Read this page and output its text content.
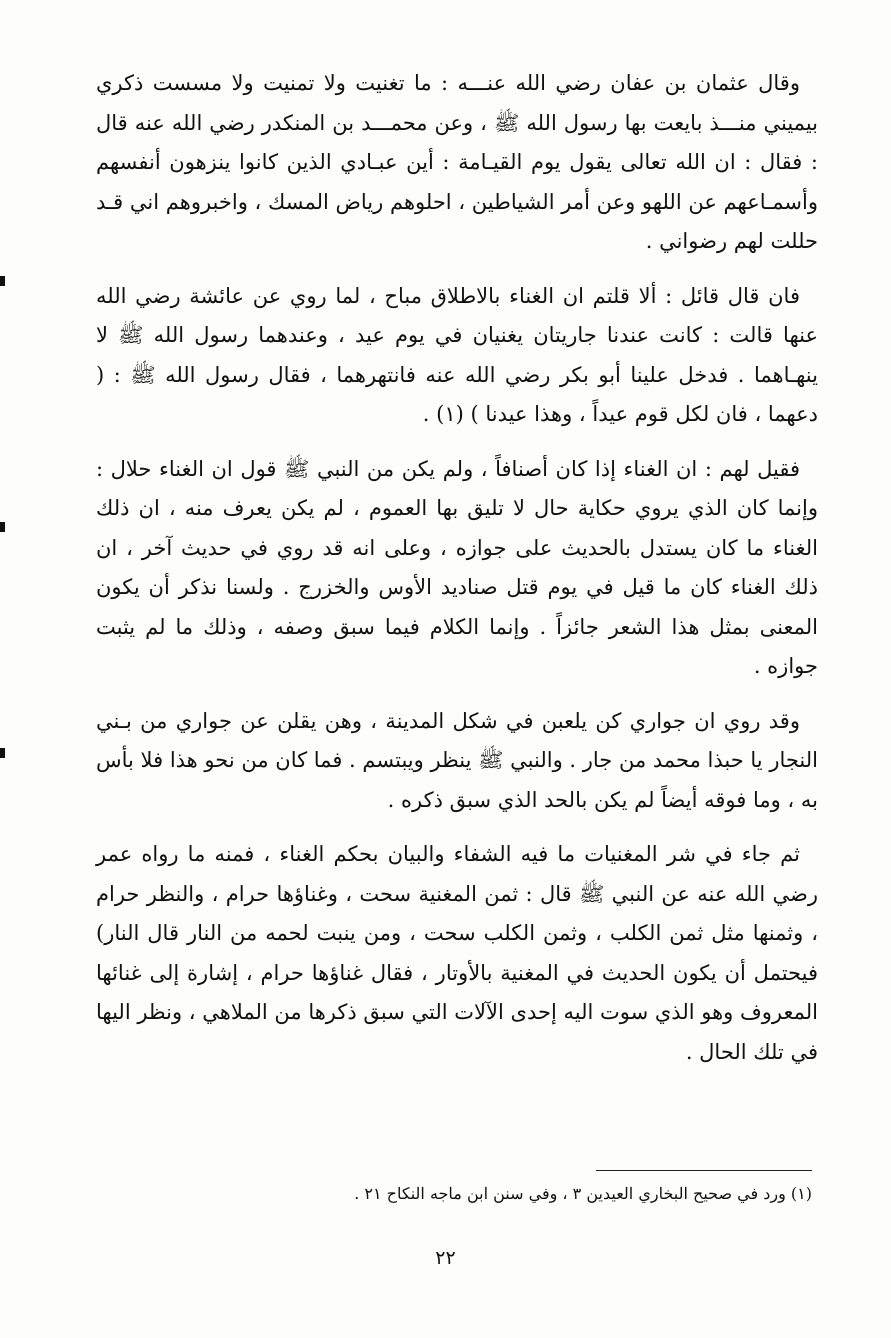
وقال عثمان بن عفان رضي الله عنـــه : ما تغنيت ولا تمنيت ولا مسست ذكري بيميني منـــذ بايعت بها رسول الله ﷺ ، وعن محمـــد بن المنكدر رضي الله عنه قال : فقال : ان الله تعالى يقول يوم القيـامة : أين عبـادي الذين كانوا ينزهون أنفسهم وأسمـاعهم عن اللهو وعن أمر الشياطين ، احلوهم رياض المسك ، واخبروهم اني قـد حللت لهم رضواني .

فان قال قائل : ألا قلتم ان الغناء بالاطلاق مباح ، لما روي عن عائشة رضي الله عنها قالت : كانت عندنا جاريتان يغنيان في يوم عيد ، وعندهما رسول الله ﷺ لا ينهـاهما . فدخل علينا أبو بكر رضي الله عنه فانتهرهما ، فقال رسول الله ﷺ : ( دعهما ، فان لكل قوم عيداً ، وهذا عيدنا ) (١) .

فقيل لهم : ان الغناء إذا كان أصنافاً ، ولم يكن من النبي ﷺ قول ان الغناء حلال : وإنما كان الذي يروي حكاية حال لا تليق بها العموم ، لم يكن يعرف منه ، ان ذلك الغناء ما كان يستدل بالحديث على جوازه ، وعلى انه قد روي في حديث آخر ، ان ذلك الغناء كان ما قيل في يوم قتل صناديد الأوس والخزرج . ولسنا نذكر أن يكون المعنى بمثل هذا الشعر جائزاً . وإنما الكلام فيما سبق وصفه ، وذلك ما لم يثبت جوازه .

وقد روي ان جواري كن يلعبن في شكل المدينة ، وهن يقلن عن جواري من بـني النجار يا حبذا محمد من جار . والنبي ﷺ ينظر ويبتسم . فما كان من نحو هذا فلا بأس به ، وما فوقه أيضاً لم يكن بالحد الذي سبق ذكره .

ثم جاء في شر المغنيات ما فيه الشفاء والبيان بحكم الغناء ، فمنه ما رواه عمر رضي الله عنه عن النبي ﷺ قال : ثمن المغنية سحت ، وغناؤها حرام ، والنظر حرام ، وثمنها مثل ثمن الكلب ، وثمن الكلب سحت ، ومن ينبت لحمه من النار قال النار) فيحتمل أن يكون الحديث في المغنية بالأوتار ، فقال غناؤها حرام ، إشارة إلى غنائها المعروف وهو الذي سوت اليه إحدى الآلات التي سبق ذكرها من الملاهي ، ونظر اليها في تلك الحال .

(١) ورد في صحيح البخاري العيدين ٣ ، وفي سنن ابن ماجه النكاح ٢١ .
٢٢
